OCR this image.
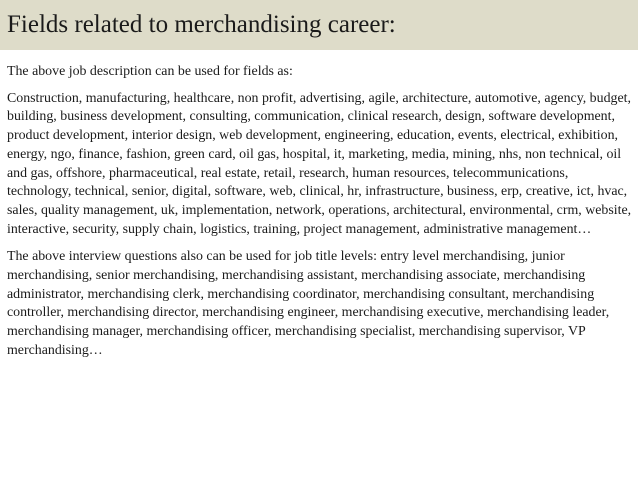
Fields related to merchandising career:

The above job description can be used for fields as:

Construction, manufacturing, healthcare, non profit, advertising, agile, architecture, automotive, agency, budget, building, business development, consulting, communication, clinical research, design, software development, product development, interior design, web development, engineering, education, events, electrical, exhibition, energy, ngo, finance, fashion, green card, oil gas, hospital, it, marketing, media, mining, nhs, non technical, oil and gas, offshore, pharmaceutical, real estate, retail, research, human resources, telecommunications, technology, technical, senior, digital, software, web, clinical, hr, infrastructure, business, erp, creative, ict, hvac, sales, quality management, uk, implementation, network, operations, architectural, environmental, crm, website, interactive, security, supply chain, logistics, training, project management, administrative management…

The above interview questions also can be used for job title levels: entry level merchandising, junior merchandising, senior merchandising, merchandising assistant, merchandising associate, merchandising administrator, merchandising clerk, merchandising coordinator, merchandising consultant, merchandising controller, merchandising director, merchandising engineer, merchandising executive, merchandising leader, merchandising manager, merchandising officer, merchandising specialist, merchandising supervisor, VP merchandising…
